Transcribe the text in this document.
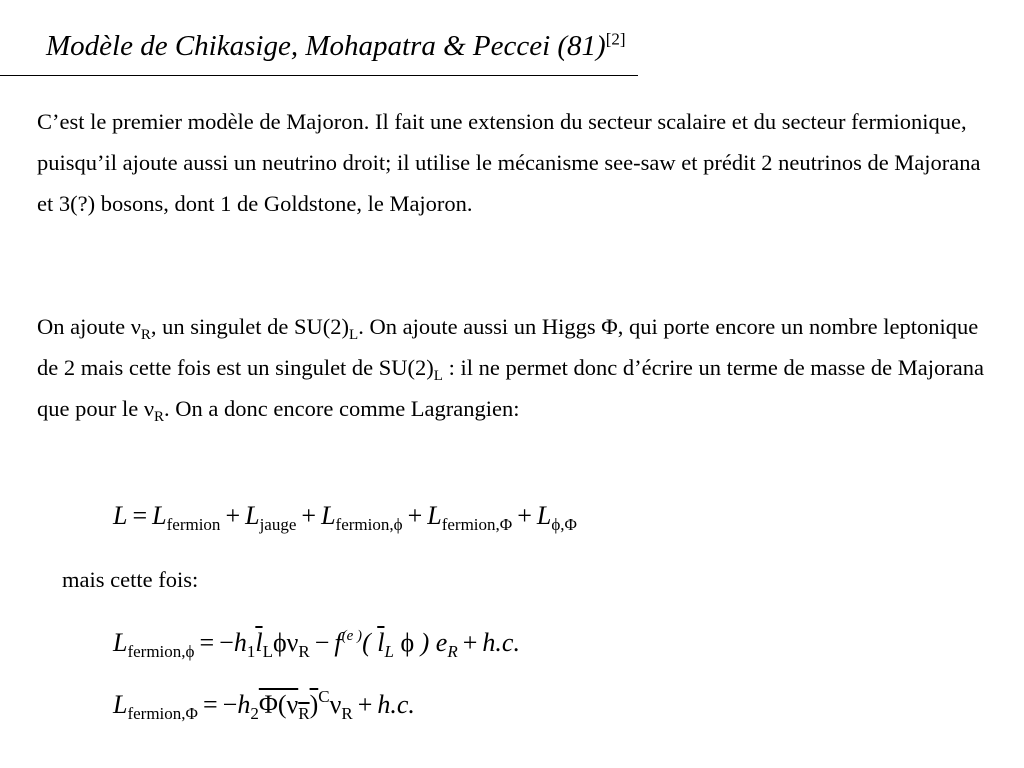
Modèle de Chikasige, Mohapatra & Peccei (81)[2]

C’est le premier modèle de Majoron. Il fait une extension du secteur scalaire et du secteur fermionique, puisqu’il ajoute aussi un neutrino droit; il utilise le mécanisme see-saw et prédit 2 neutrinos de Majorana et 3(?) bosons, dont 1 de Goldstone, le Majoron.

On ajoute $\nu_R$, un singulet de $SU(2)_L$. On ajoute aussi un Higgs Φ, qui porte encore un nombre leptonique de 2 mais cette fois est un singulet de $SU(2)_L$ : il ne permet donc d’écrire un terme de masse de Majorana que pour le $\nu_R$. On a donc encore comme Lagrangien:

$L = L_{fermion} + L_{jauge} + L_{fermion,\phi} + L_{fermion,\Phi} + L_{\phi,\Phi}$
mais cette fois:
$L_{fermion,\phi} = -h_1\overline{l}_L\phi\nu_R - f^{(e )}$( $\overline{l}_L$ ϕ ) $e_R + h.c$.
$L_{fermion,\Phi} = -h_2\Phi(\nu_R)^C\nu_R + h.c$.
